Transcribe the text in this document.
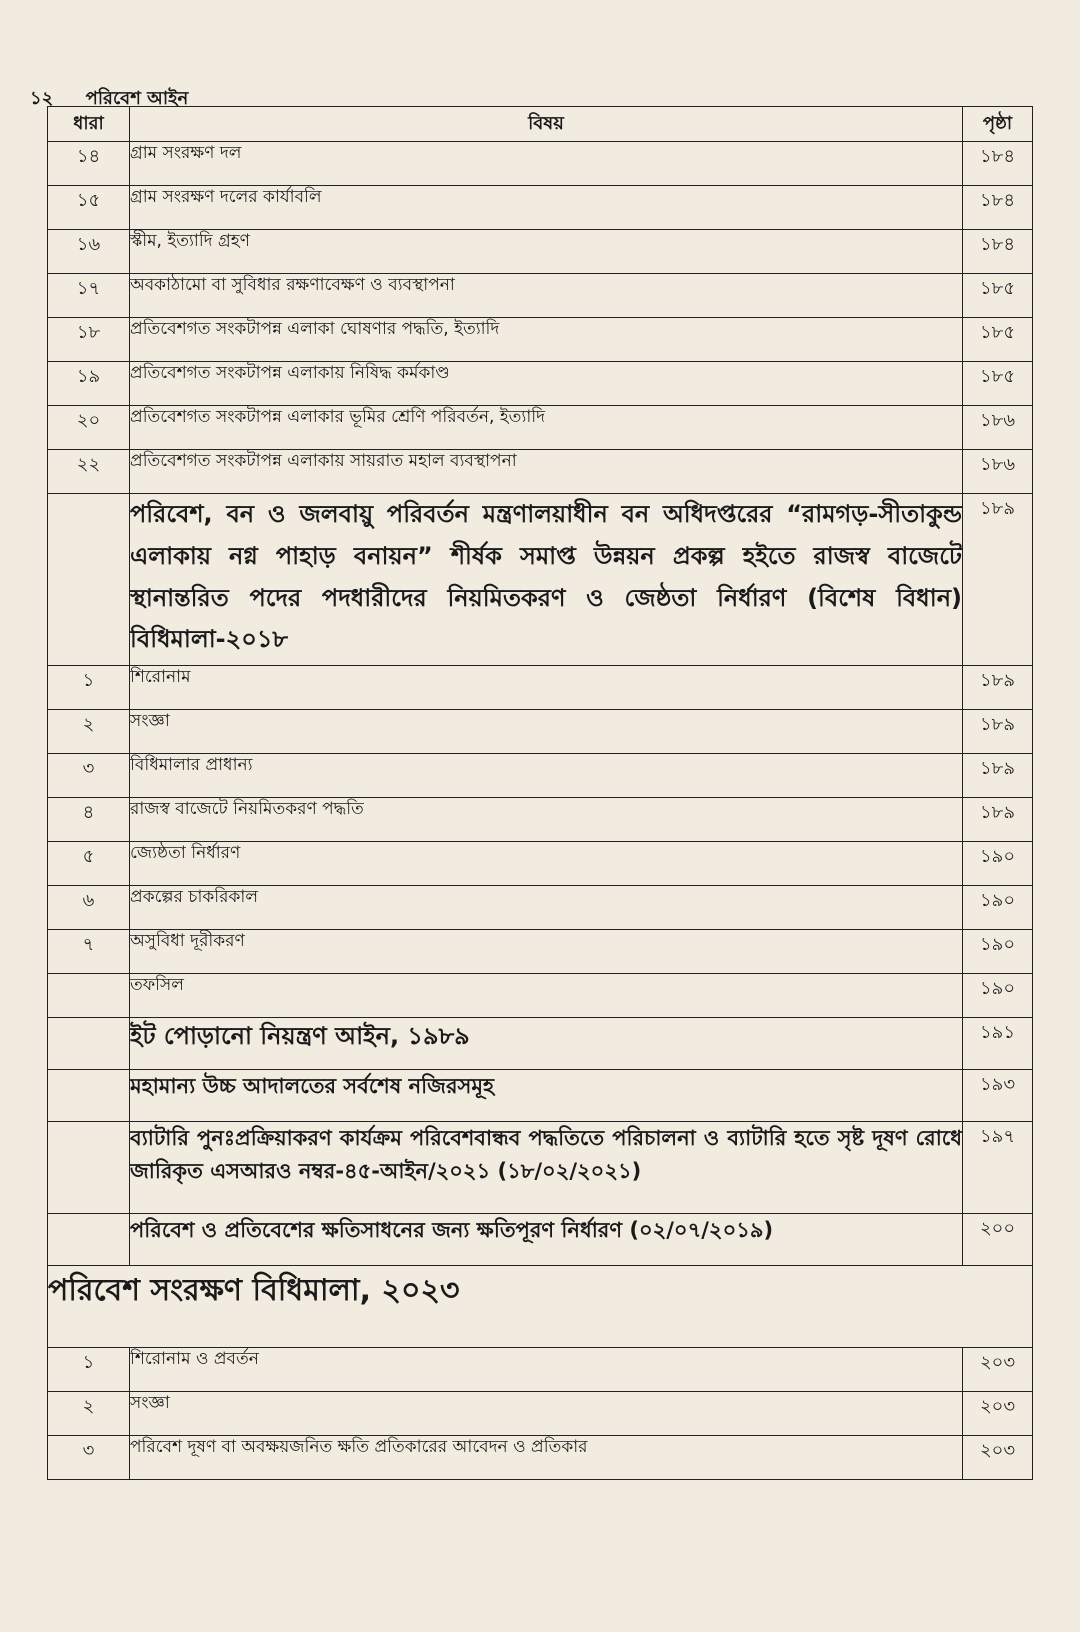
১২ পরিবেশ আইন
ধারা	বিষয়	পৃষ্ঠা
১৪	গ্রাম সংরক্ষণ দল	১৮৪
১৫	গ্রাম সংরক্ষণ দলের কার্যাবলি	১৮৪
১৬	স্কীম, ইত্যাদি গ্রহণ	১৮৪
১৭	অবকাঠামো বা সুবিধার রক্ষণাবেক্ষণ ও ব্যবস্থাপনা	১৮৫
১৮	প্রতিবেশগত সংকটাপন্ন এলাকা ঘোষণার পদ্ধতি, ইত্যাদি	১৮৫
১৯	প্রতিবেশগত সংকটাপন্ন এলাকায় নিষিদ্ধ কর্মকাণ্ড	১৮৫
২০	প্রতিবেশগত সংকটাপন্ন এলাকার ভূমির শ্রেণি পরিবর্তন, ইত্যাদি	১৮৬
২২	প্রতিবেশগত সংকটাপন্ন এলাকায় সায়রাত মহাল ব্যবস্থাপনা	১৮৬
	পরিবেশ, বন ও জলবায়ু পরিবর্তন মন্ত্রণালয়াধীন বন অধিদপ্তরের “রামগড়-সীতাকুন্ড এলাকায় নগ্ন পাহাড় বনায়ন” শীর্ষক সমাপ্ত উন্নয়ন প্রকল্প হইতে রাজস্ব বাজেটে স্থানান্তরিত পদের পদধারীদের নিয়মিতকরণ ও জেষ্ঠতা নির্ধারণ (বিশেষ বিধান) বিধিমালা-২০১৮	১৮৯
১	শিরোনাম	১৮৯
২	সংজ্ঞা	১৮৯
৩	বিধিমালার প্রাধান্য	১৮৯
৪	রাজস্ব বাজেটে নিয়মিতকরণ পদ্ধতি	১৮৯
৫	জ্যেষ্ঠতা নির্ধারণ	১৯০
৬	প্রকল্পের চাকরিকাল	১৯০
৭	অসুবিধা দূরীকরণ	১৯০
	তফসিল	১৯০
	ইট পোড়ানো নিয়ন্ত্রণ আইন, ১৯৮৯	১৯১
	মহামান্য উচ্চ আদালতের সর্বশেষ নজিরসমূহ	১৯৩
	ব্যাটারি পুনঃপ্রক্রিয়াকরণ কার্যক্রম পরিবেশবান্ধব পদ্ধতিতে পরিচালনা ও ব্যাটারি হতে সৃষ্ট দূষণ রোধে জারিকৃত এসআরও নম্বর-৪৫-আইন/২০২১ (১৮/০২/২০২১)	১৯৭
	পরিবেশ ও প্রতিবেশের ক্ষতিসাধনের জন্য ক্ষতিপূরণ নির্ধারণ (০২/০৭/২০১৯)	২০০
পরিবেশ সংরক্ষণ বিধিমালা, ২০২৩		
১	শিরোনাম ও প্রবর্তন	২০৩
২	সংজ্ঞা	২০৩
৩	পরিবেশ দূষণ বা অবক্ষয়জনিত ক্ষতি প্রতিকারের আবেদন ও প্রতিকার	২০৩
